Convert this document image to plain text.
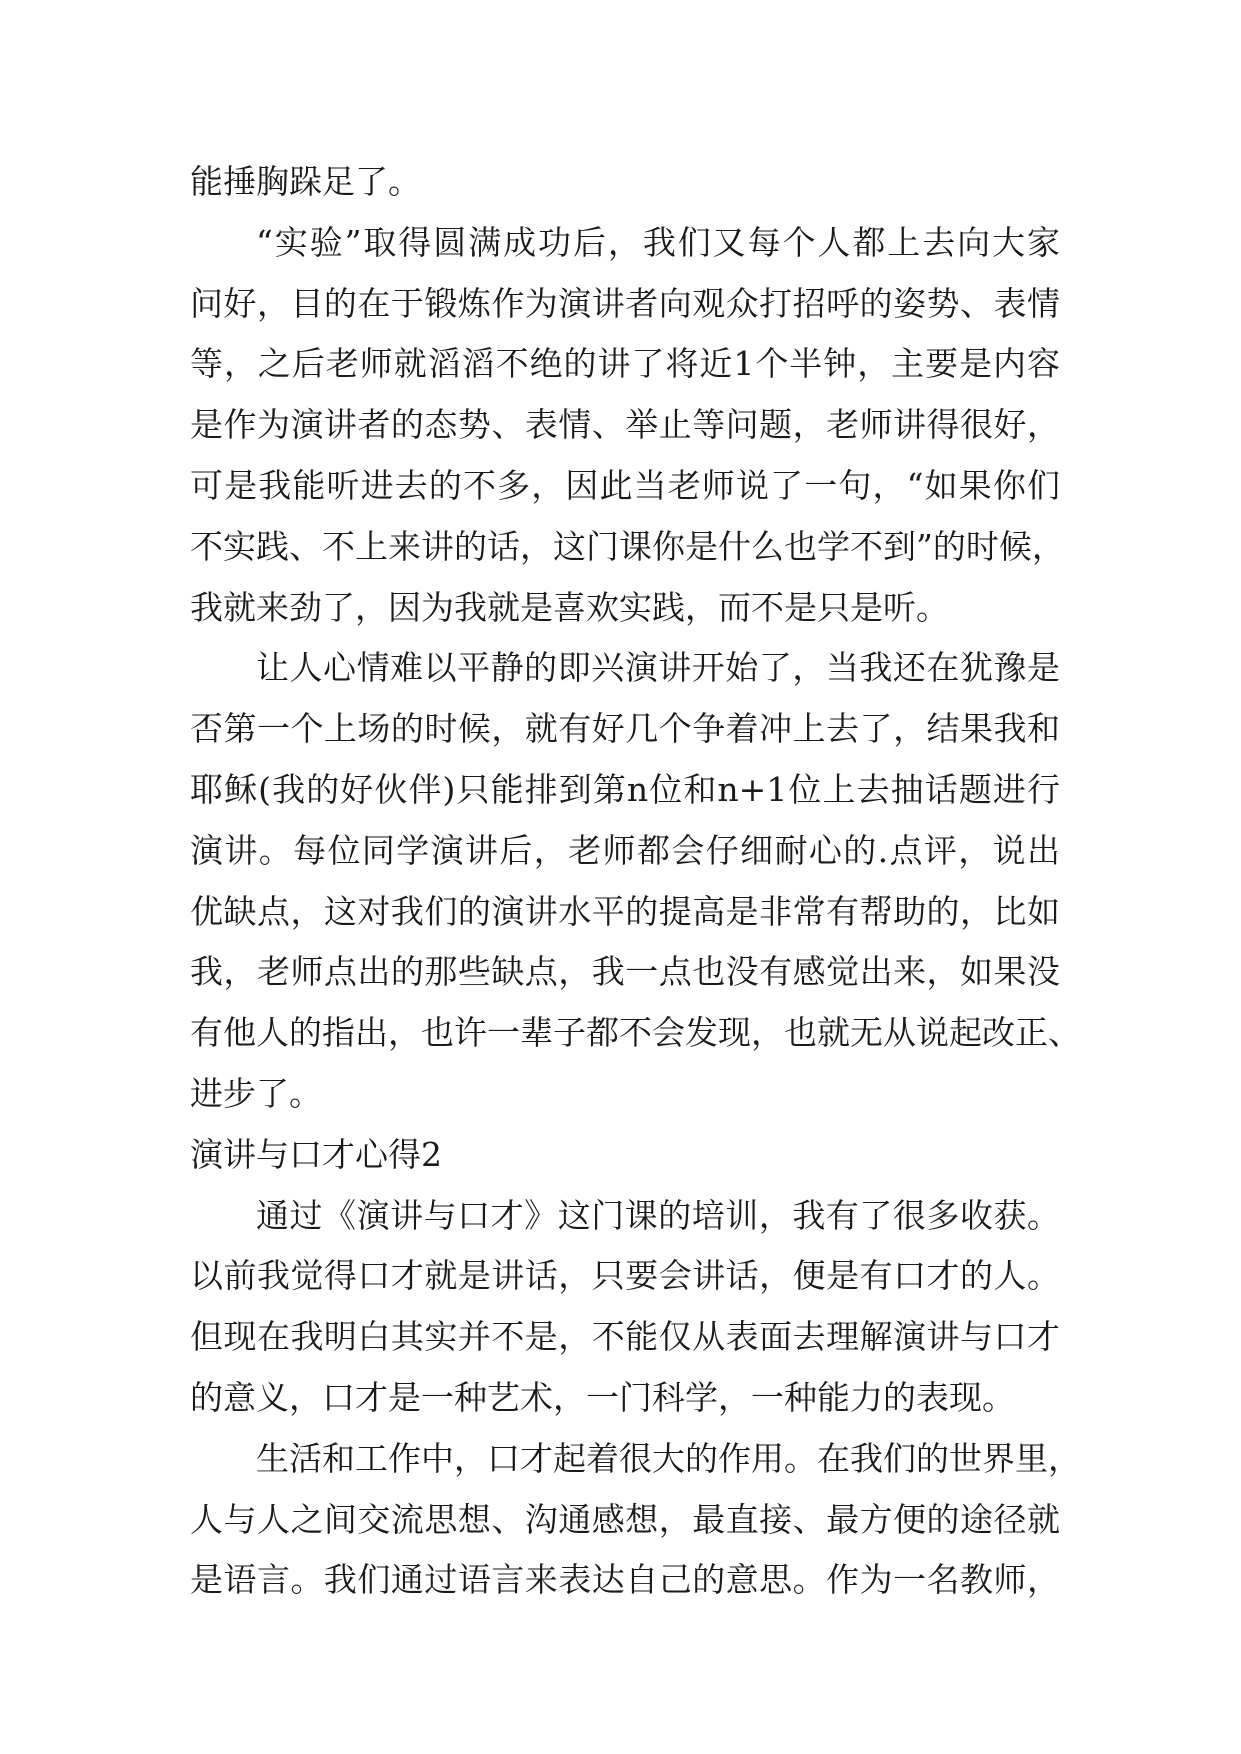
能捶胸跺足了。
“实验”取得圆满成功后，我们又每个人都上去向大家
问好，目的在于锻炼作为演讲者向观众打招呼的姿势、表情
等，之后老师就滔滔不绝的讲了将近1个半钟，主要是内容
是作为演讲者的态势、表情、举止等问题，老师讲得很好，
可是我能听进去的不多，因此当老师说了一句，“如果你们
不实践、不上来讲的话，这门课你是什么也学不到”的时候，
我就来劲了，因为我就是喜欢实践，而不是只是听。
让人心情难以平静的即兴演讲开始了，当我还在犹豫是
否第一个上场的时候，就有好几个争着冲上去了，结果我和
耶稣(我的好伙伴)只能排到第n位和n+1位上去抽话题进行
演讲。每位同学演讲后，老师都会仔细耐心的.点评，说出
优缺点，这对我们的演讲水平的提高是非常有帮助的，比如
我，老师点出的那些缺点，我一点也没有感觉出来，如果没
有他人的指出，也许一辈子都不会发现，也就无从说起改正、
进步了。
演讲与口才心得2
通过《演讲与口才》这门课的培训，我有了很多收获。
以前我觉得口才就是讲话，只要会讲话，便是有口才的人。
但现在我明白其实并不是，不能仅从表面去理解演讲与口才
的意义，口才是一种艺术，一门科学，一种能力的表现。
生活和工作中，口才起着很大的作用。在我们的世界里，
人与人之间交流思想、沟通感想，最直接、最方便的途径就
是语言。我们通过语言来表达自己的意思。作为一名教师，
